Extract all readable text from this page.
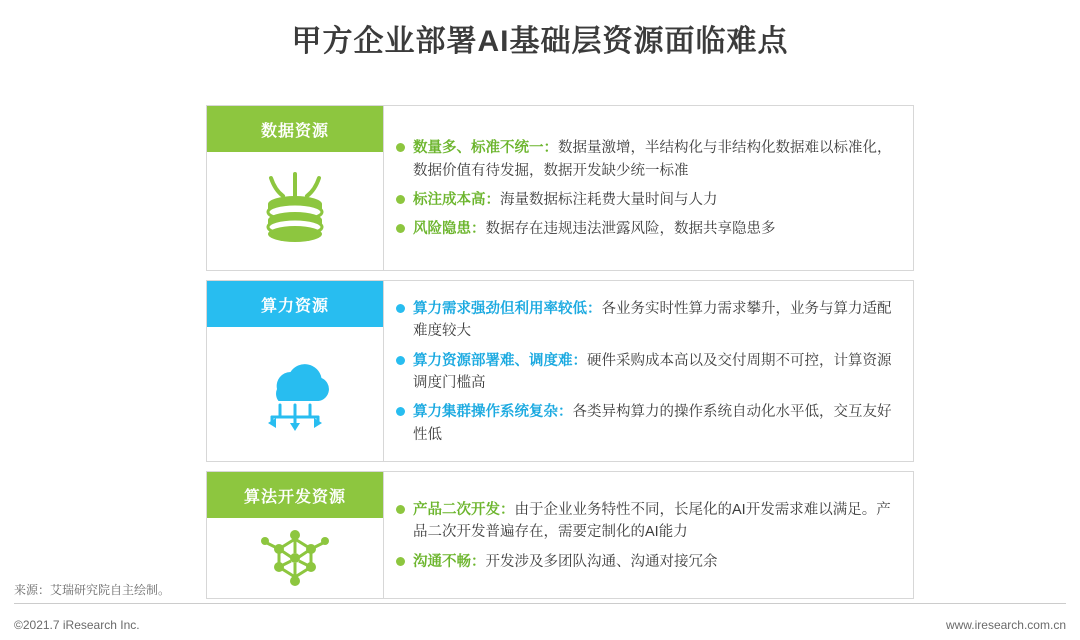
甲方企业部署AI基础层资源面临难点
数据资源
数量多、标准不统一：数据量激增，半结构化与非结构化数据难以标准化，数据价值有待发掘，数据开发缺少统一标准
标注成本高：海量数据标注耗费大量时间与人力
风险隐患：数据存在违规违法泄露风险，数据共享隐患多
算力资源	算力需求强劲但利用率较低：各业务实时性算力需求攀升，业务与算力适配难度较大
算力资源部署难、调度难：硬件采购成本高以及交付周期不可控，计算资源调度门槛高
算力集群操作系统复杂：各类异构算力的操作系统自动化水平低，交互友好性低
算法开发资源
产品二次开发：由于企业业务特性不同，长尾化的AI开发需求难以满足。产品二次开发普遍存在，需要定制化的AI能力
沟通不畅：开发涉及多团队沟通、沟通对接冗余
来源：艾瑞研究院自主绘制。
©2021.7 iResearch Inc.	www.iresearch.com.cn
